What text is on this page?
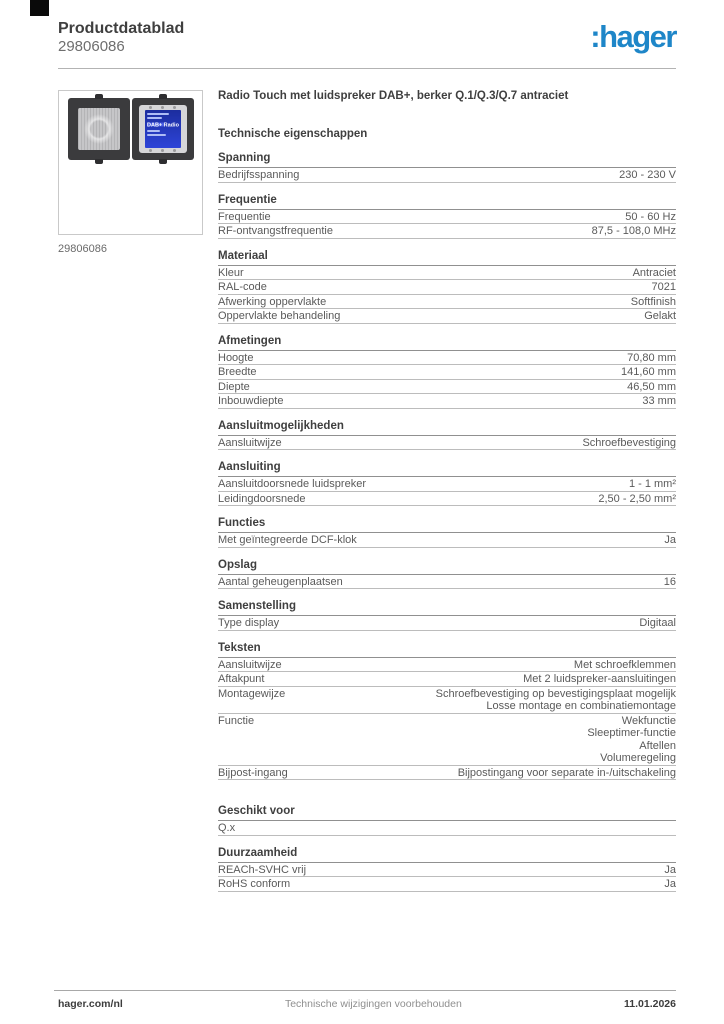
Productdatablad
29806086	:hager
DAB+ Radio
29806086
Radio Touch met luidspreker DAB+, berker Q.1/Q.3/Q.7 antraciet
Technische eigenschappen
Spanning
Bedrijfsspanning	230 - 230 V
Frequentie
Frequentie	50 - 60 Hz
RF-ontvangstfrequentie	87,5 - 108,0 MHz
Materiaal
Kleur	Antraciet
RAL-code	7021
Afwerking oppervlakte	Softfinish
Oppervlakte behandeling	Gelakt
Afmetingen
Hoogte	70,80 mm
Breedte	141,60 mm
Diepte	46,50 mm
Inbouwdiepte	33 mm
Aansluitmogelijkheden
Aansluitwijze	Schroefbevestiging
Aansluiting
Aansluitdoorsnede luidspreker	1 - 1 mm²
Leidingdoorsnede	2,50 - 2,50 mm²
Functies
Met geïntegreerde DCF-klok	Ja
Opslag
Aantal geheugenplaatsen	16
Samenstelling
Type display	Digitaal
Teksten
Aansluitwijze	Met schroefklemmen
Aftakpunt	Met 2 luidspreker-aansluitingen
Montagewijze	Schroefbevestiging op bevestigingsplaat mogelijk
Losse montage en combinatiemontage
Functie	Wekfunctie
Sleeptimer-functie
Aftellen
Volumeregeling
Bijpost-ingang	Bijpostingang voor separate in-/uitschakeling
Geschikt voor
Q.x
Duurzaamheid
REACh-SVHC vrij	Ja
RoHS conform	Ja
hager.com/nl	Technische wijzigingen voorbehouden	11.01.2026
